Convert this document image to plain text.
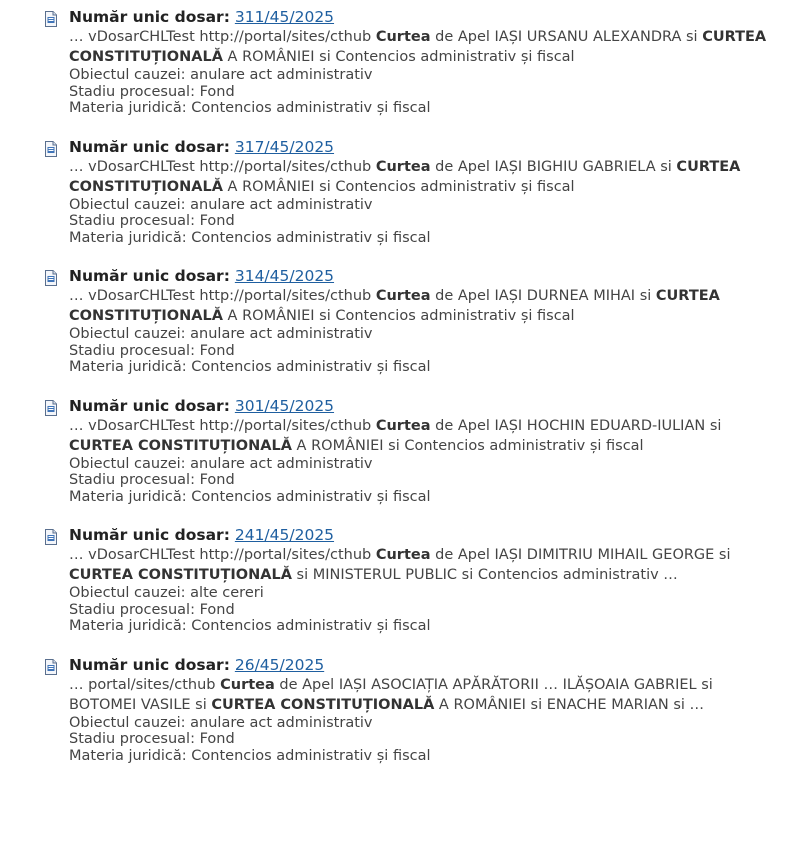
Număr unic dosar: 311/45/2025
… vDosarCHLTest http://portal/sites/cthub Curtea de Apel IAȘI URSANU ALEXANDRA si CURTEA CONSTITUȚIONALĂ A ROMÂNIEI si Contencios administrativ și fiscal
Obiectul cauzei: anulare act administrativ
Stadiu procesual: Fond
Materia juridică: Contencios administrativ și fiscal
Număr unic dosar: 317/45/2025
… vDosarCHLTest http://portal/sites/cthub Curtea de Apel IAȘI BIGHIU GABRIELA si CURTEA CONSTITUȚIONALĂ A ROMÂNIEI si Contencios administrativ și fiscal
Obiectul cauzei: anulare act administrativ
Stadiu procesual: Fond
Materia juridică: Contencios administrativ și fiscal
Număr unic dosar: 314/45/2025
… vDosarCHLTest http://portal/sites/cthub Curtea de Apel IAȘI DURNEA MIHAI si CURTEA CONSTITUȚIONALĂ A ROMÂNIEI si Contencios administrativ și fiscal
Obiectul cauzei: anulare act administrativ
Stadiu procesual: Fond
Materia juridică: Contencios administrativ și fiscal
Număr unic dosar: 301/45/2025
… vDosarCHLTest http://portal/sites/cthub Curtea de Apel IAȘI HOCHIN EDUARD-IULIAN si CURTEA CONSTITUȚIONALĂ A ROMÂNIEI si Contencios administrativ și fiscal
Obiectul cauzei: anulare act administrativ
Stadiu procesual: Fond
Materia juridică: Contencios administrativ și fiscal
Număr unic dosar: 241/45/2025
… vDosarCHLTest http://portal/sites/cthub Curtea de Apel IAȘI DIMITRIU MIHAIL GEORGE si CURTEA CONSTITUȚIONALĂ si MINISTERUL PUBLIC si Contencios administrativ …
Obiectul cauzei: alte cereri
Stadiu procesual: Fond
Materia juridică: Contencios administrativ și fiscal
Număr unic dosar: 26/45/2025
… portal/sites/cthub Curtea de Apel IAȘI ASOCIAȚIA APĂRĂTORII … ILĂȘOAIA GABRIEL si BOTOMEI VASILE si CURTEA CONSTITUȚIONALĂ A ROMÂNIEI si ENACHE MARIAN si …
Obiectul cauzei: anulare act administrativ
Stadiu procesual: Fond
Materia juridică: Contencios administrativ și fiscal
